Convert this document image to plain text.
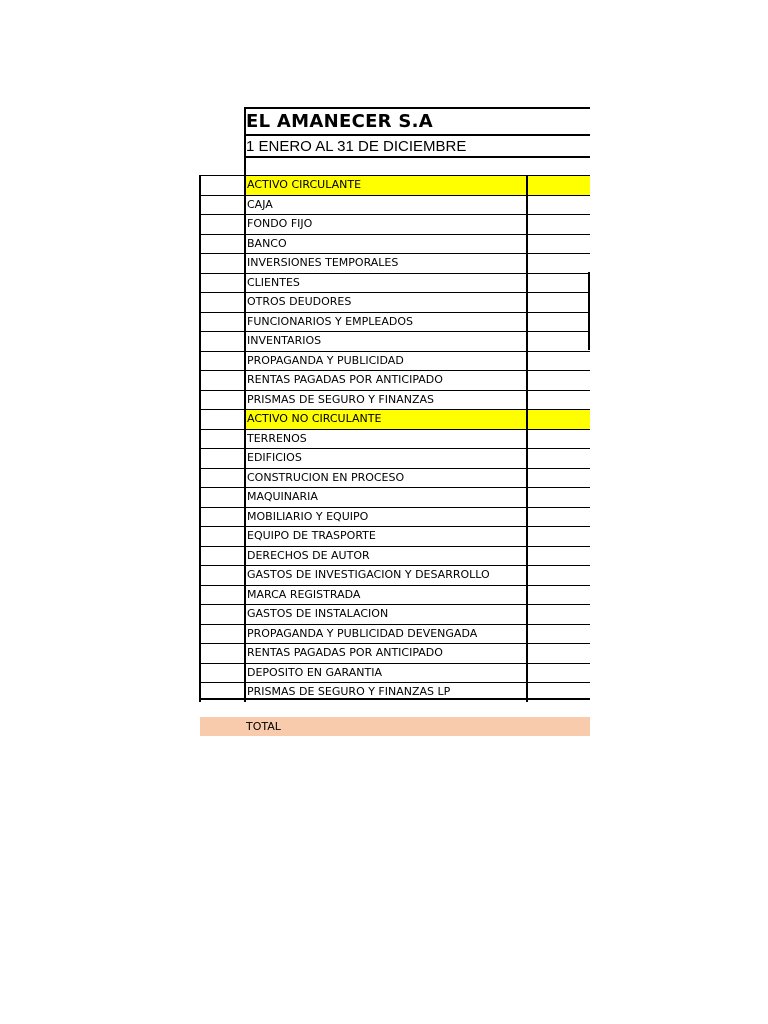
EL AMANECER S.A
1 ENERO AL 31 DE DICIEMBRE
ACTIVO CIRCULANTE
CAJA
FONDO FIJO
BANCO
INVERSIONES TEMPORALES
CLIENTES
OTROS DEUDORES
FUNCIONARIOS Y EMPLEADOS
INVENTARIOS
PROPAGANDA Y PUBLICIDAD
RENTAS PAGADAS POR ANTICIPADO
PRISMAS DE SEGURO Y FINANZAS
ACTIVO NO CIRCULANTE
TERRENOS
EDIFICIOS
CONSTRUCION EN PROCESO
MAQUINARIA
MOBILIARIO Y EQUIPO
EQUIPO DE TRASPORTE
DERECHOS DE AUTOR
GASTOS DE INVESTIGACION Y DESARROLLO
MARCA REGISTRADA
GASTOS DE INSTALACION
PROPAGANDA Y PUBLICIDAD DEVENGADA
RENTAS PAGADAS POR ANTICIPADO
DEPOSITO EN GARANTIA
PRISMAS DE SEGURO Y FINANZAS LP
TOTAL
